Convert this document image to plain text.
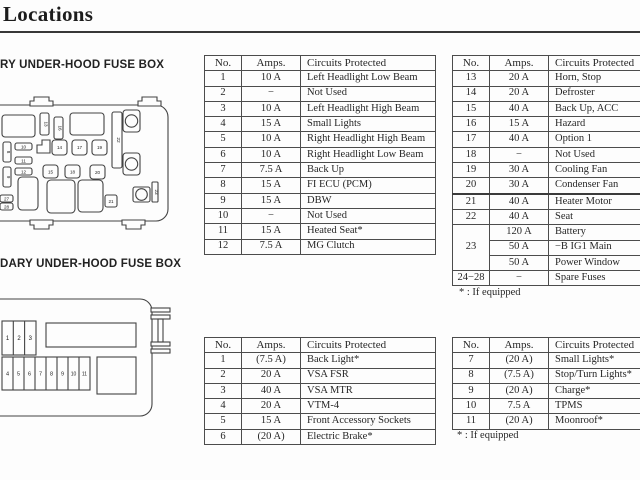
Locations
RY UNDER-HOOD FUSE BOX
13
16
22
8
9
10
11
12
14	17	19
15	18	20
21
23
27
28
DARY UNDER-HOOD FUSE BOX
1 2 3
4 5 6 7 8 9 10 11
No.	Amps.	Circuits Protected
1	10 A	Left Headlight Low Beam
2	−	Not Used
3	10 A	Left Headlight High Beam
4	15 A	Small Lights
5	10 A	Right Headlight High Beam
6	10 A	Right Headlight Low Beam
7	7.5 A	Back Up
8	15 A	FI ECU (PCM)
9	15 A	DBW
10	−	Not Used
11	15 A	Heated Seat*
12	7.5 A	MG Clutch
No.	Amps.	Circuits Protected
13	20 A	Horn, Stop
14	20 A	Defroster
15	40 A	Back Up, ACC
16	15 A	Hazard
17	40 A	Option 1
18	−	Not Used
19	30 A	Cooling Fan
20	30 A	Condenser Fan
21	40 A	Heater Motor
22	40 A	Seat
23	120 A	Battery
	50 A	−B IG1 Main
	50 A	Power Window
24−28	−	Spare Fuses
No.	Amps.	Circuits Protected
1	(7.5 A)	Back Light*
2	20 A	VSA FSR
3	40 A	VSA MTR
4	20 A	VTM-4
5	15 A	Front Accessory Sockets
6	(20 A)	Electric Brake*
No.	Amps.	Circuits Protected
7	(20 A)	Small Lights*
8	(7.5 A)	Stop/Turn Lights*
9	(20 A)	Charge*
10	7.5 A	TPMS
11	(20 A)	Moonroof*
* : If equipped
* : If equipped
